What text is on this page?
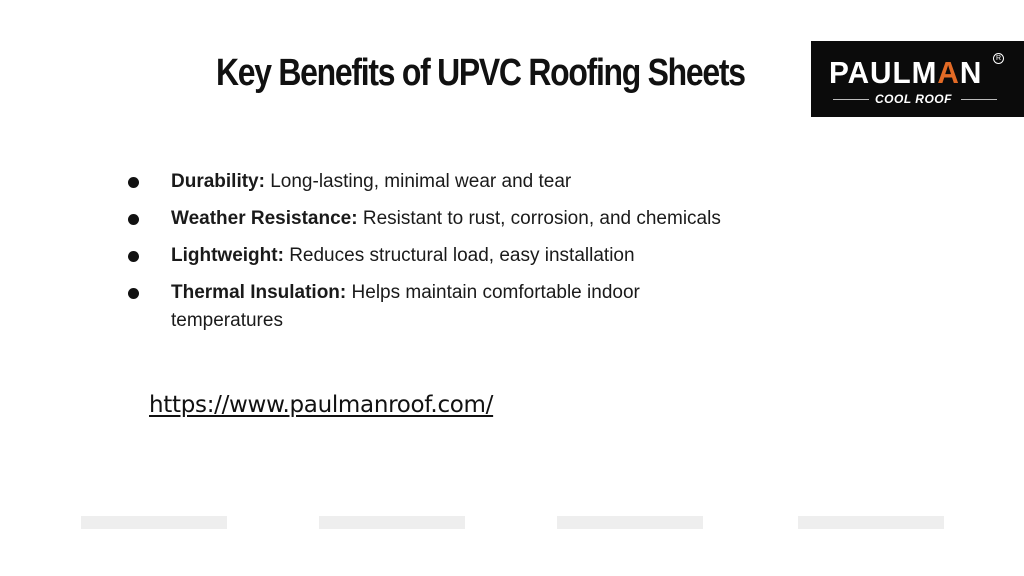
Key Benefits of UPVC Roofing Sheets	PAULMAN	R
COOL ROOF
Durability: Long-lasting, minimal wear and tear
Weather Resistance: Resistant to rust, corrosion, and chemicals
Lightweight: Reduces structural load, easy installation
Thermal Insulation: Helps maintain comfortable indoor temperatures
https://www.paulmanroof.com/
